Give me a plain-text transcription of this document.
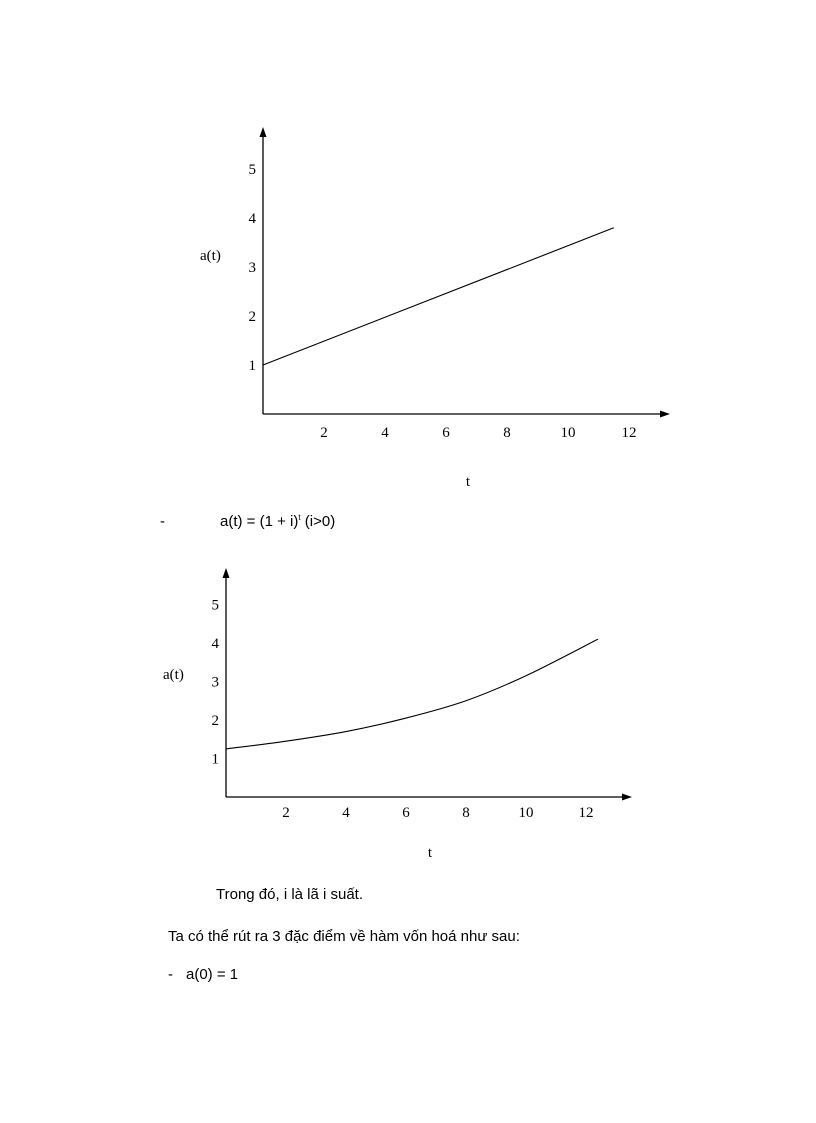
1
2
3
4
5
2	4	6	8	10	12
a(t)
t
1
2
3
4
5
2	4	6	8	10	12
a(t)
t
-	$a(t) = (1 + i)^t$ (i>0)
Trong đó, i là lã i suất.
Ta có thể rút ra 3 đặc điểm về hàm vốn hoá như sau:
- a(0) = 1
